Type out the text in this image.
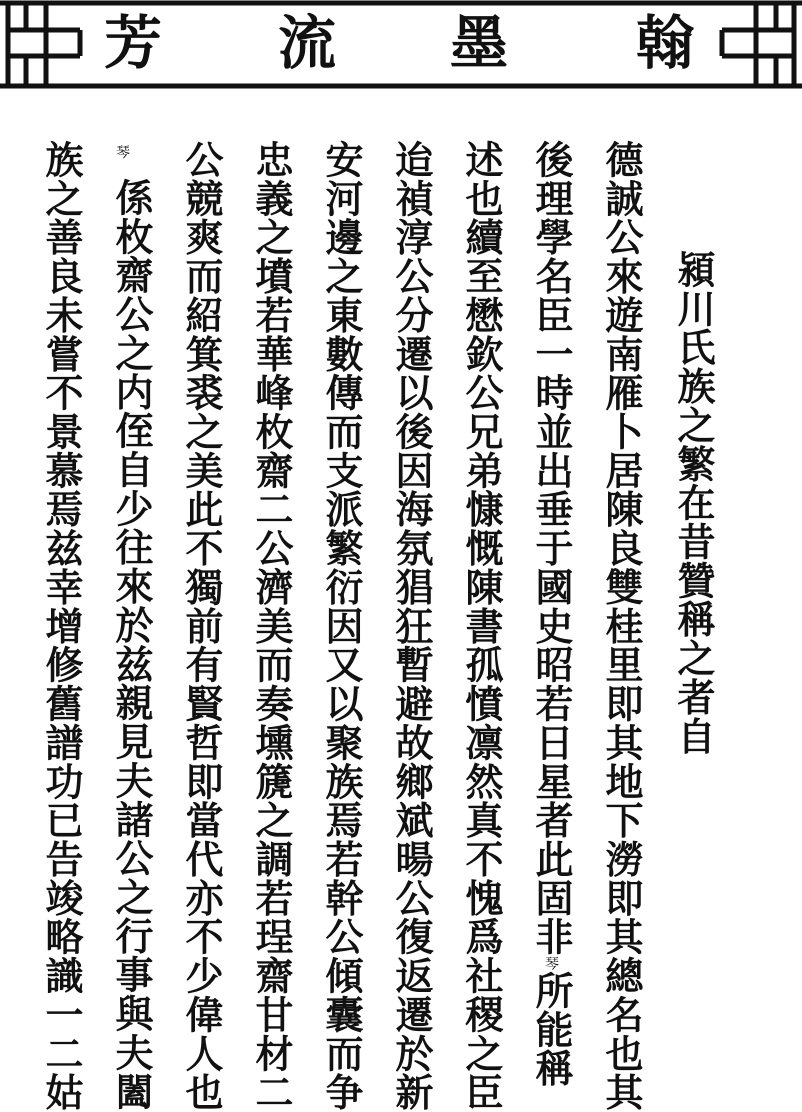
芳 流 墨 翰
潁川氏族之繁在昔贊稱之者自
德誠公來遊南雁卜居陳良雙桂里即其地下澇即其總名也其
後理學名臣一時並出垂于國史昭若日星者此固非琴所能稱
述也續至懋欽公兄弟慷慨陳書孤憤凛然真不愧爲社稷之臣
迨禎淳公分遷以後因海氛猖狂暫避故鄉斌暘公復返遷於新
安河邊之東數傳而支派繁衍因又以聚族焉若幹公傾囊而争
忠義之墳若華峰枚齋二公濟美而奏壎篪之調若珵齋甘材二
公競爽而紹箕裘之美此不獨前有賢哲即當代亦不少偉人也
琴
係枚齋公之内侄自少往來於兹親見夫諸公之行事與夫闔
族之善良未嘗不景慕焉兹幸增修舊譜功已告竣略識一二姑
